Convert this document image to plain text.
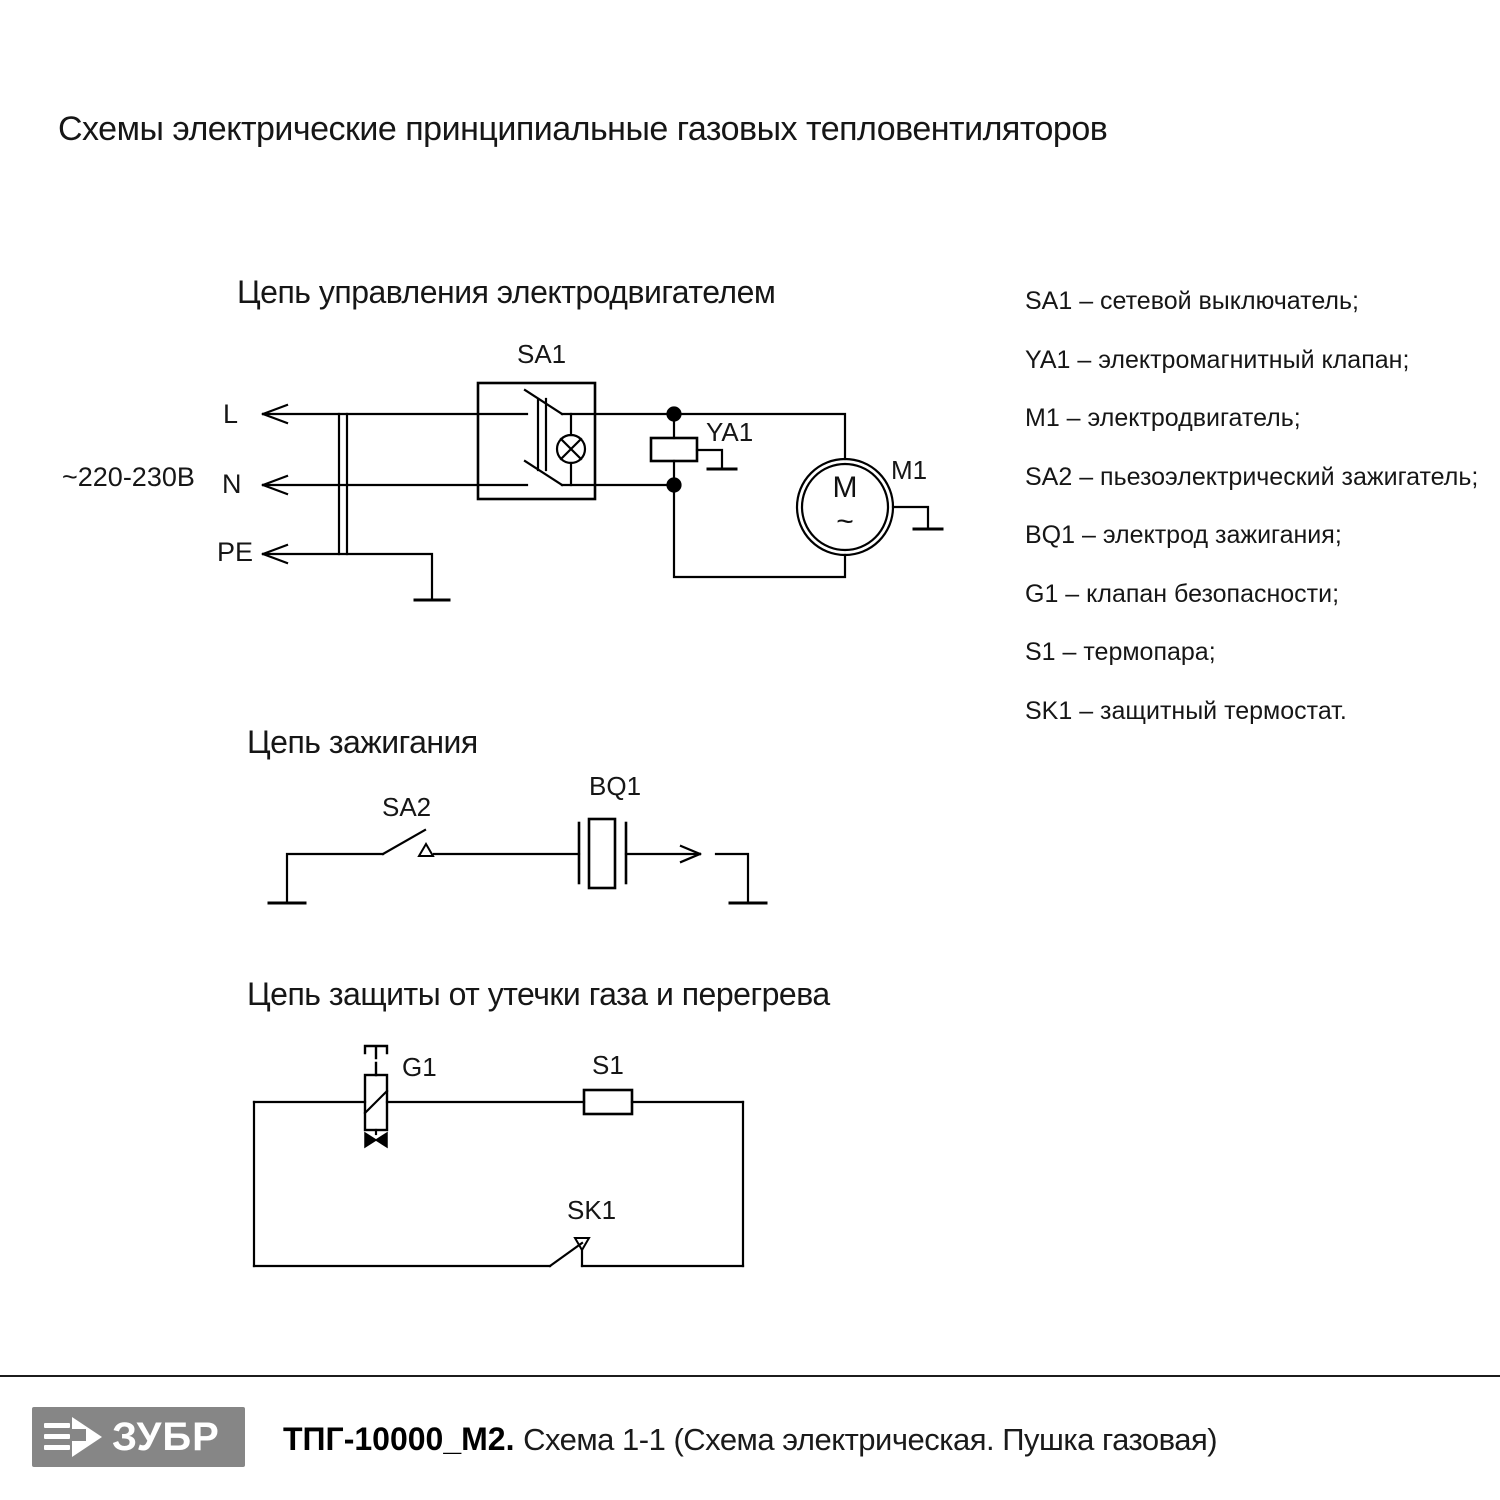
Схемы электрические принципиальные газовых тепловентиляторов
Цепь управления электродвигателем
~220-230В
L
N
PE
SA1
YA1
M1
M
~
Цепь зажигания
SA2
BQ1
Цепь защиты от утечки газа и перегрева
G1	S1
SK1
SA1 – сетевой выключатель;
YA1 – электромагнитный клапан;
M1 – электродвигатель;
SA2 – пьезоэлектрический зажигатель;
BQ1 – электрод зажигания;
G1 – клапан безопасности;
S1 – термопара;
SK1 – защитный термостат.
ЗУБР ТПГ-10000_М2. Схема 1-1 (Схема электрическая. Пушка газовая)
